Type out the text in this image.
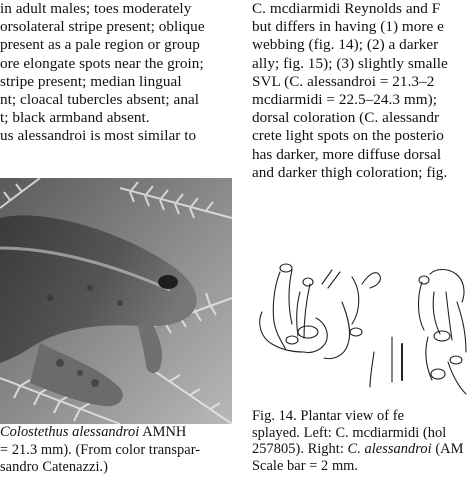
in adult males; toes moderately
orsolateral stripe present; oblique
present as a pale region or group
ore elongate spots near the groin;
stripe present; median lingual
nt; cloacal tubercles absent; anal
t; black armband absent.
us alessandroi is most similar to
C. mcdiarmidi Reynolds and F
but differs in having (1) more e
webbing (fig. 14); (2) a darker
ally; fig. 15); (3) slightly smalle
SVL (C. alessandroi = 21.3–2
mcdiarmidi = 22.5–24.3 mm);
dorsal coloration (C. alessandr
crete light spots on the posterio
has darker, more diffuse dorsal
and darker thigh coloration; fig.
Colostethus alessandroi AMNH
= 21.3 mm). (From color transpar-
sandro Catenazzi.)
Fig. 14. Plantar view of fe
splayed. Left: C. mcdiarmidi (hol
257805). Right: C. alessandroi (AM
Scale bar = 2 mm.
